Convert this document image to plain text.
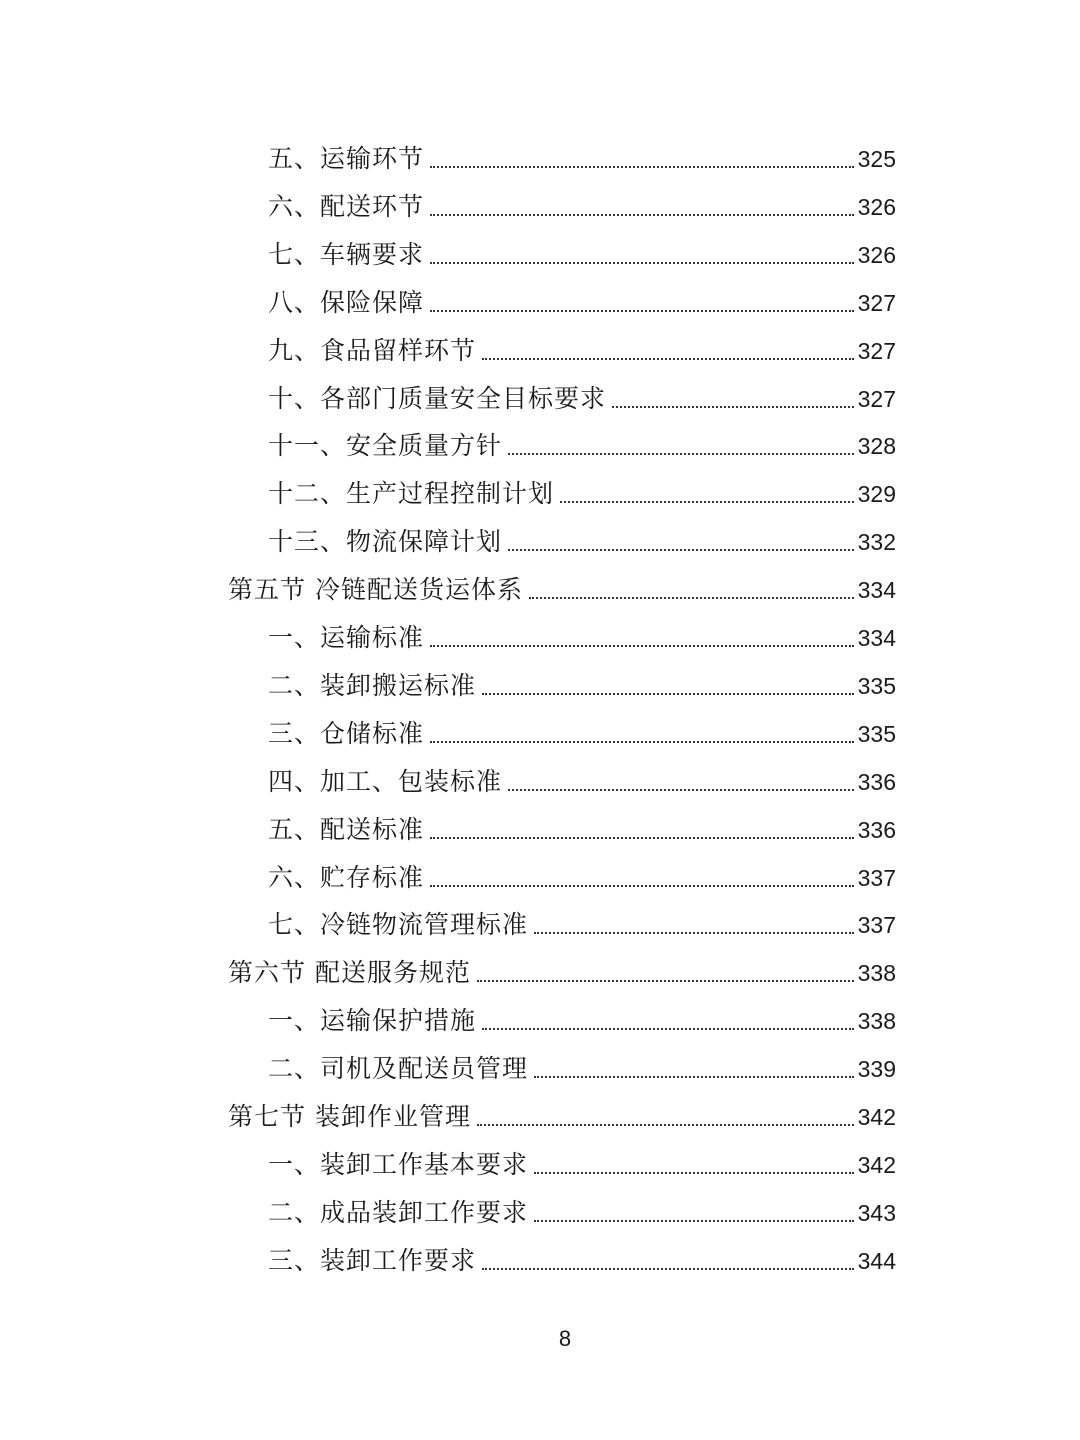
五、运输环节	325
六、配送环节	326
七、车辆要求	326
八、保险保障	327
九、食品留样环节	327
十、各部门质量安全目标要求	327
十一、安全质量方针	328
十二、生产过程控制计划	329
十三、物流保障计划	332
第五节 冷链配送货运体系	334
一、运输标准	334
二、装卸搬运标准	335
三、仓储标准	335
四、加工、包装标准	336
五、配送标准	336
六、贮存标准	337
七、冷链物流管理标准	337
第六节 配送服务规范	338
一、运输保护措施	338
二、司机及配送员管理	339
第七节 装卸作业管理	342
一、装卸工作基本要求	342
二、成品装卸工作要求	343
三、装卸工作要求	344
8
